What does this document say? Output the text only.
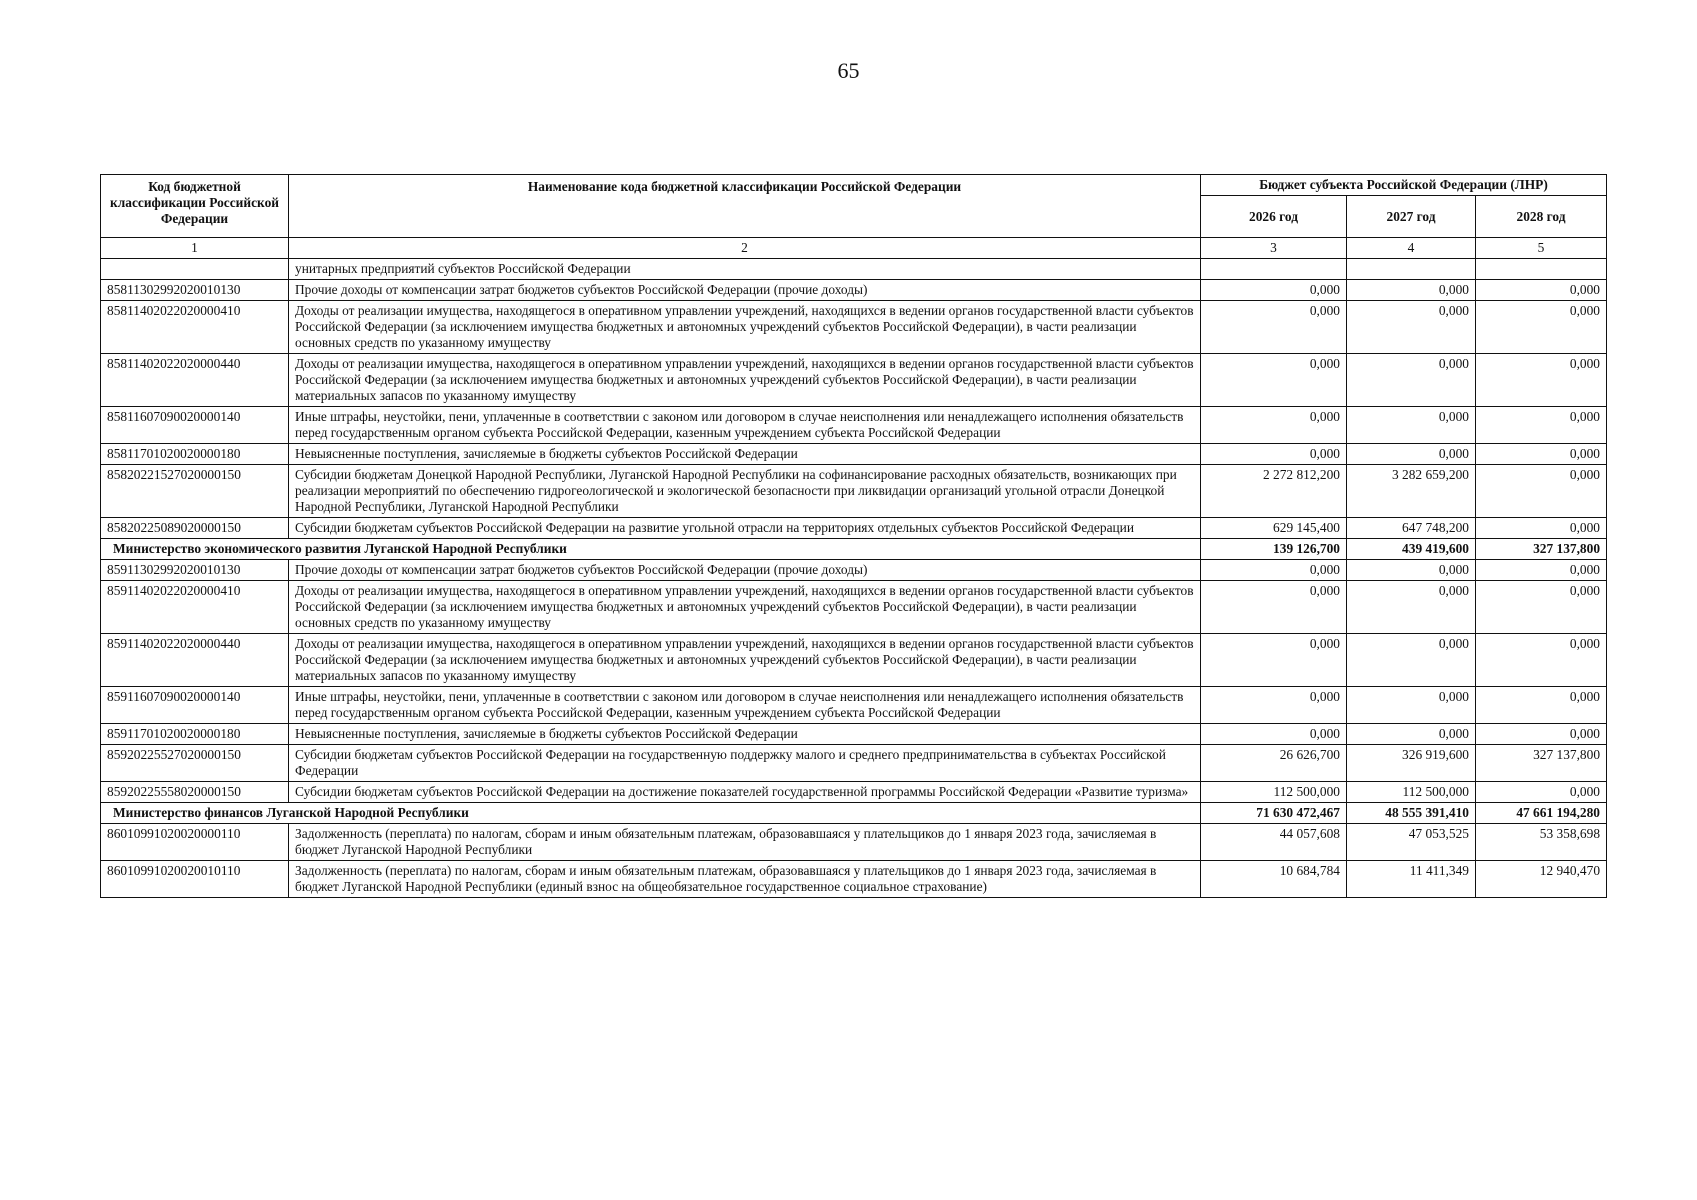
65
Код бюджетной классификации Российской Федерации	Наименование кода бюджетной классификации Российской Федерации	Бюджет субъекта Российской Федерации (ЛНР)		
		2026 год	2027 год	2028 год
1	2	3	4	5
	унитарных предприятий субъектов Российской Федерации			
85811302992020010130	Прочие доходы от компенсации затрат бюджетов субъектов Российской Федерации (прочие доходы)	0,000	0,000	0,000
85811402022020000410	Доходы от реализации имущества, находящегося в оперативном управлении учреждений, находящихся в ведении органов государственной власти субъектов Российской Федерации (за исключением имущества бюджетных и автономных учреждений субъектов Российской Федерации), в части реализации основных средств по указанному имуществу	0,000	0,000	0,000
85811402022020000440	Доходы от реализации имущества, находящегося в оперативном управлении учреждений, находящихся в ведении органов государственной власти субъектов Российской Федерации (за исключением имущества бюджетных и автономных учреждений субъектов Российской Федерации), в части реализации материальных запасов по указанному имуществу	0,000	0,000	0,000
85811607090020000140	Иные штрафы, неустойки, пени, уплаченные в соответствии с законом или договором в случае неисполнения или ненадлежащего исполнения обязательств перед государственным органом субъекта Российской Федерации, казенным учреждением субъекта Российской Федерации	0,000	0,000	0,000
85811701020020000180	Невыясненные поступления, зачисляемые в бюджеты субъектов Российской Федерации	0,000	0,000	0,000
85820221527020000150	Субсидии бюджетам Донецкой Народной Республики, Луганской Народной Республики на софинансирование расходных обязательств, возникающих при реализации мероприятий по обеспечению гидрогеологической и экологической безопасности при ликвидации организаций угольной отрасли Донецкой Народной Республики, Луганской Народной Республики	2 272 812,200	3 282 659,200	0,000
85820225089020000150	Субсидии бюджетам субъектов Российской Федерации на развитие угольной отрасли на территориях отдельных субъектов Российской Федерации	629 145,400	647 748,200	0,000
Министерство экономического развития Луганской Народной Республики		139 126,700	439 419,600	327 137,800
85911302992020010130	Прочие доходы от компенсации затрат бюджетов субъектов Российской Федерации (прочие доходы)	0,000	0,000	0,000
85911402022020000410	Доходы от реализации имущества, находящегося в оперативном управлении учреждений, находящихся в ведении органов государственной власти субъектов Российской Федерации (за исключением имущества бюджетных и автономных учреждений субъектов Российской Федерации), в части реализации основных средств по указанному имуществу	0,000	0,000	0,000
85911402022020000440	Доходы от реализации имущества, находящегося в оперативном управлении учреждений, находящихся в ведении органов государственной власти субъектов Российской Федерации (за исключением имущества бюджетных и автономных учреждений субъектов Российской Федерации), в части реализации материальных запасов по указанному имуществу	0,000	0,000	0,000
85911607090020000140	Иные штрафы, неустойки, пени, уплаченные в соответствии с законом или договором в случае неисполнения или ненадлежащего исполнения обязательств перед государственным органом субъекта Российской Федерации, казенным учреждением субъекта Российской Федерации	0,000	0,000	0,000
85911701020020000180	Невыясненные поступления, зачисляемые в бюджеты субъектов Российской Федерации	0,000	0,000	0,000
85920225527020000150	Субсидии бюджетам субъектов Российской Федерации на государственную поддержку малого и среднего предпринимательства в субъектах Российской Федерации	26 626,700	326 919,600	327 137,800
85920225558020000150	Субсидии бюджетам субъектов Российской Федерации на достижение показателей государственной программы Российской Федерации «Развитие туризма»	112 500,000	112 500,000	0,000
Министерство финансов Луганской Народной Республики		71 630 472,467	48 555 391,410	47 661 194,280
86010991020020000110	Задолженность (переплата) по налогам, сборам и иным обязательным платежам, образовавшаяся у плательщиков до 1 января 2023 года, зачисляемая в бюджет Луганской Народной Республики	44 057,608	47 053,525	53 358,698
86010991020020010110	Задолженность (переплата) по налогам, сборам и иным обязательным платежам, образовавшаяся у плательщиков до 1 января 2023 года, зачисляемая в бюджет Луганской Народной Республики (единый взнос на общеобязательное государственное социальное страхование)	10 684,784	11 411,349	12 940,470
